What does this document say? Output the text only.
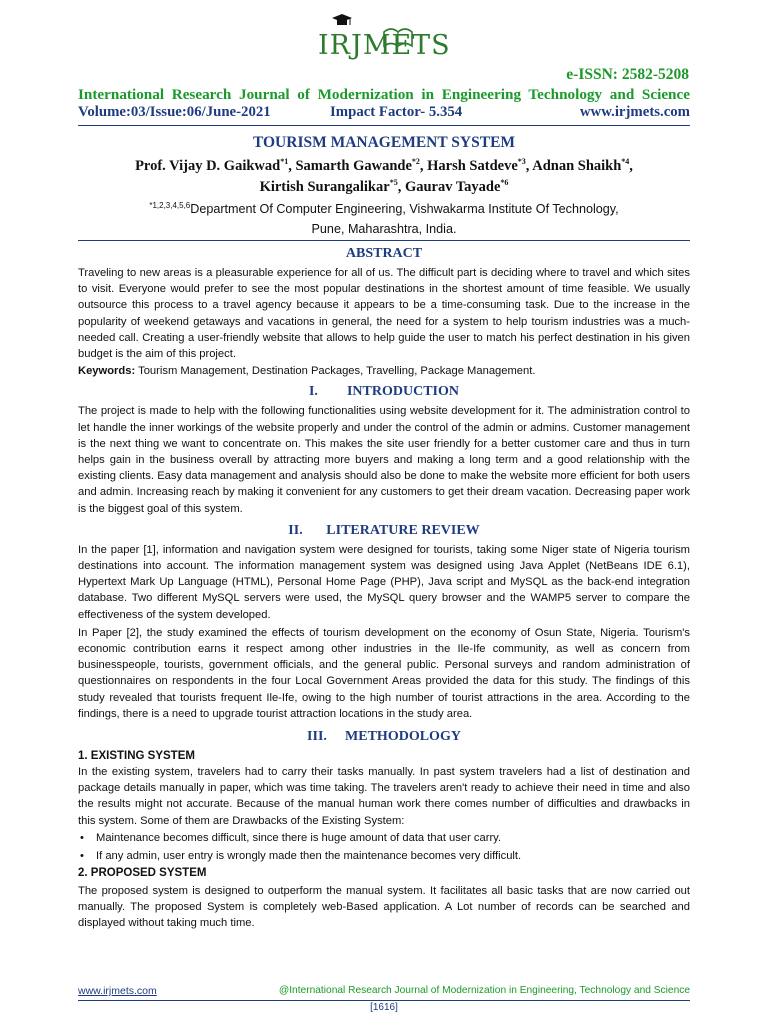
IRJMETS
e-ISSN: 2582-5208
International Research Journal of Modernization in Engineering Technology and Science
Volume:03/Issue:06/June-2021	Impact Factor- 5.354	www.irjmets.com
TOURISM MANAGEMENT SYSTEM
Prof. Vijay D. Gaikwad$^{*1}$, Samarth Gawande$^{*2}$, Harsh Satdeve$^{*3}$, Adnan Shaikh$^{*4}$,
Kirtish Surangalikar$^{*5}$, Gaurav Tayade$^{*6}$
$^{*1,2,3,4,5,6}$Department Of Computer Engineering, Vishwakarma Institute Of Technology,
Pune, Maharashtra, India.
ABSTRACT

Traveling to new areas is a pleasurable experience for all of us. The difficult part is deciding where to travel and which sites to visit. Everyone would prefer to see the most popular destinations in the shortest amount of time feasible. We usually outsource this process to a travel agency because it appears to be a time-consuming task. Due to the increase in the popularity of weekend getaways and vacations in general, the need for a system to help tourism industries was a much-needed call. Creating a user-friendly website that allows to help guide the user to match his perfect destination in his given budget is the aim of this project.

Keywords: Tourism Management, Destination Packages, Travelling, Package Management.

I. INTRODUCTION

The project is made to help with the following functionalities using website development for it. The administration control to let handle the inner workings of the website properly and under the control of the admin or admins. Customer management is the next thing we want to concentrate on. This makes the site user friendly for a better customer care and thus in turn helps gain in the business overall by attracting more buyers and making a long term and a good relationship with the existing clients. Easy data management and analysis should also be done to make the website more efficient for both users and admin. Increasing reach by making it convenient for any customers to get their dream vacation. Decreasing paper work is the biggest goal of this system.

II. LITERATURE REVIEW

In the paper [1], information and navigation system were designed for tourists, taking some Niger state of Nigeria tourism destinations into account. The information management system was designed using Java Applet (NetBeans IDE 6.1), Hypertext Mark Up Language (HTML), Personal Home Page (PHP), Java script and MySQL as the back-end integration database. Two different MySQL servers were used, the MySQL query browser and the WAMP5 server to compare the effectiveness of the system developed.

In Paper [2], the study examined the effects of tourism development on the economy of Osun State, Nigeria. Tourism's economic contribution earns it respect among other industries in the Ile-Ife community, as well as concern from businesspeople, tourists, government officials, and the general public. Personal surveys and random administration of questionnaires on respondents in the four Local Government Areas provided the data for this study. The findings of this study revealed that tourists frequent Ile-Ife, owing to the high number of tourist attractions in the area. According to the findings, there is a need to upgrade tourist attraction locations in the study area.

III. METHODOLOGY
1. EXISTING SYSTEM

In the existing system, travelers had to carry their tasks manually. In past system travelers had a list of destination and package details manually in paper, which was time taking. The travelers aren't ready to achieve their need in time and also the results might not accurate. Because of the manual human work there comes number of difficulties and drawbacks in this system. Some of them are Drawbacks of the Existing System:

• Maintenance becomes difficult, since there is huge amount of data that user carry.
• If any admin, user entry is wrongly made then the maintenance becomes very difficult.
2. PROPOSED SYSTEM

The proposed system is designed to outperform the manual system. It facilitates all basic tasks that are now carried out manually. The proposed System is completely web-Based application. A Lot number of records can be searched and displayed without taking much time.

www.irjmets.com	@International Research Journal of Modernization in Engineering, Technology and Science
[1616]
